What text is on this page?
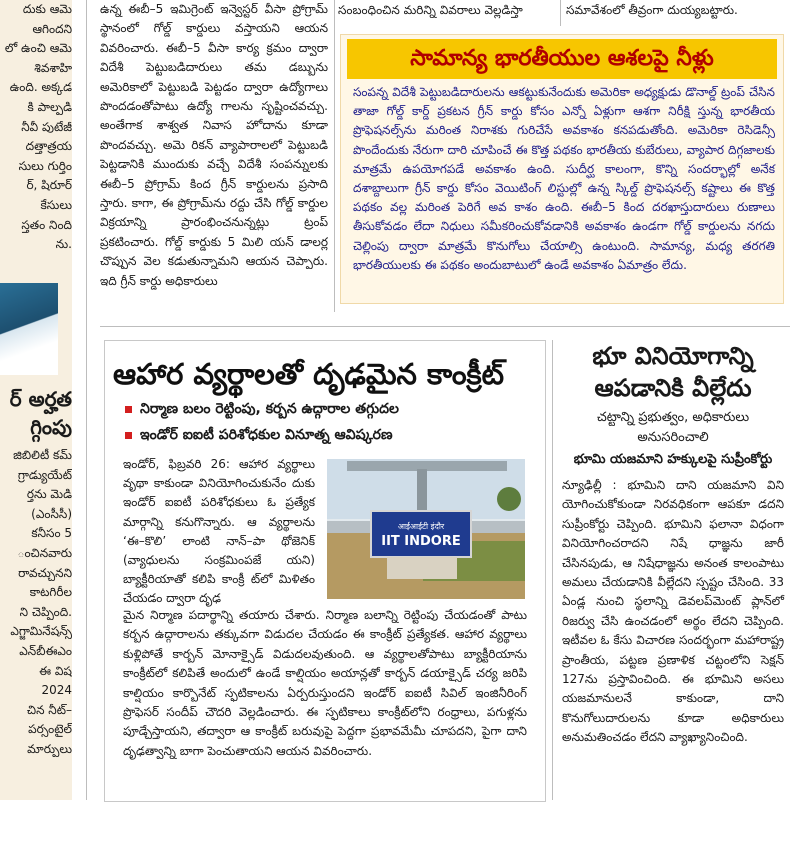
దుకు ఆమె
ఆగిందని
లో ఉంచి ఆమె
శివశాహి
ఉంది. అక్కడ
కి పాల్పడి
నీవీ పుటేజీ
దత్తాత్రయ
సులు గుర్తిం
ర్, షిరూర్
కేసులు
స్తతం నింది
ను.
ర్ అర్హత
గ్గింపు
జిబిలిటీ కమ్
గ్రాడ్యుయేట్
ర్తను మెడి
(ఎంసీసీ)
కనీసం 5
ంచినవారు
రావచ్చునని
కాటగిరీల
ని చెప్పింది.
ఎగ్జామినేషన్స్
ఎన్‌బీఈఎం
ఈ విష
2024
చిన నీట్–
పర్సంటైల్
మార్పులు

ఉన్న ఈబీ–5 ఇమిగ్రెంట్ ఇన్వెస్టర్ వీసా ప్రోగ్రామ్ స్థానంలో గోల్డ్ కార్డులు వస్తాయని ఆయన వివరించారు. ఈబీ–5 వీసా కార్య క్రమం ద్వారా విదేశీ పెట్టుబడిదారులు తమ డబ్బును అమెరికాలో పెట్టుబడి పెట్టడం ద్వారా ఉద్యోగాలు పొందడంతోపాటు ఉద్యో గాలను సృష్టించవచ్చు. అంతేగాక శాశ్వత నివాస హోదాను కూడా పొందవచ్చు. అమె రికన్ వ్యాపారాలలో పెట్టుబడి పెట్టడానికి ముందుకు వచ్చే విదేశీ సంపన్నులకు ఈబీ–5 ప్రోగ్రామ్ కింద గ్రీన్ కార్డులను ప్రసాది స్తారు. కాగా, ఈ ప్రోగ్రామ్‌ను రద్దు చేసి గోల్డ్ కార్డుల విక్రయాన్ని ప్రారంభించనున్నట్లు ట్రంప్ ప్రకటించారు. గోల్డ్ కార్డుకు 5 మిలి యన్ డాలర్ల చొప్పున వెల కడుతున్నామని ఆయన చెప్పారు. ఇది గ్రీన్ కార్డు అధికారులు

సంబంధించిన మరిన్ని వివరాలు వెల్లడిస్తా	సమావేశంలో తీవ్రంగా దుయ్యబట్టారు.

సామాన్య భారతీయుల ఆశలపై నీళ్లు
సంపన్న విదేశీ పెట్టుబడిదారులను ఆకట్టుకునేందుకు అమెరికా అధ్యక్షుడు డొనాల్డ్ ట్రంప్ చేసిన తాజా గోల్డ్ కార్డ్ ప్రకటన గ్రీన్ కార్డు కోసం ఎన్నో ఏళ్లుగా ఆశగా నిరీక్షి స్తున్న భారతీయ ప్రొఫెషనల్స్‌ను మరింత నిరాశకు గురిచేసే అవకాశం కనపడుతోంది. అమెరికా రెసిడెన్సీ పొందేందుకు నేరుగా దారి చూపించే ఈ కొత్త పథకం భారతీయ కుబేరులు, వ్యాపార దిగ్గజాలకు మాత్రమే ఉపయోగపడే అవకాశం ఉంది. సుదీర్ఘ కాలంగా, కొన్ని సందర్భాల్లో అనేక దశాబ్దాలుగా గ్రీన్ కార్డు కోసం వెయిటింగ్ లిస్టుల్లో ఉన్న స్కిల్డ్ ప్రొఫెషనల్స్ కష్టాలు ఈ కొత్త పథకం వల్ల మరింత పెరిగే అవ కాశం ఉంది. ఈబీ–5 కింద దరఖాస్తుదారులు రుణాలు తీసుకోవడం లేదా నిధులు సమీకరించుకోవడానికి అవకాశం ఉండగా గోల్డ్ కార్డులను నగదు చెల్లింపు ద్వారా మాత్రమే కొనుగోలు చేయాల్సి ఉంటుంది. సామాన్య, మధ్య తరగతి భారతీయులకు ఈ పథకం అందుబాటులో ఉండే అవకాశం ఏమాత్రం లేదు.
ఆహార వ్యర్థాలతో దృఢమైన కాంక్రీట్
నిర్మాణ బలం రెట్టింపు, కర్బన ఉద్గారాల తగ్గుదల
ఇండోర్ ఐఐటీ పరిశోధకుల వినూత్న ఆవిష్కరణ
ఇండోర్, ఫిబ్రవరి 26: ఆహార వ్యర్థాలు వృథా కాకుండా వినియోగించుకునేం దుకు ఇండోర్ ఐఐటీ పరిశోధకులు ఓ ప్రత్యేక మార్గాన్ని కనుగొన్నారు. ఆ వ్యర్థాలను ‘ఈ–కొలి’ లాంటి నాన్–పా థోజెనిక్ (వ్యాధులను సంక్రమింపజే యని) బ్యాక్టీరియాతో కలిపి కాంక్రీ ట్‌లో మిళితం చేయడం ద్వారా దృఢ
आईआईटी इंदौर
IIT INDORE
మైన నిర్మాణ పదార్థాన్ని తయారు చేశారు. నిర్మాణ బలాన్ని రెట్టింపు చేయడంతో పాటు కర్బన ఉద్గారాలను తక్కువగా విడుదల చేయడం ఈ కాంక్రీట్ ప్రత్యేకత. ఆహార వ్యర్థాలు కుళ్లిపోతే కార్బన్ మోనాక్సైడ్ విడుదలవుతుంది. ఆ వ్యర్థాలతోపాటు బ్యాక్టీరియాను కాంక్రీట్‌లో కలిపితే అందులో ఉండే కాల్షియం అయాన్లతో కార్బన్ డయాక్సైడ్ చర్య జరిపి కాల్షియం కార్బొనేట్ స్ఫటికాలను ఏర్పరుస్తుందని ఇండోర్ ఐఐటీ సివిల్ ఇంజినీరింగ్ ప్రొఫెసర్ సందీప్ చౌదరి వెల్లడించారు. ఈ స్ఫటికాలు కాంక్రీట్‌లోని రంధ్రాలు, పగుళ్లను పూడ్చేస్తాయని, తద్వారా ఆ కాంక్రీట్ బరువుపై పెద్దగా ప్రభావమేమీ చూపదని, పైగా దాని దృఢత్వాన్ని బాగా పెంచుతాయని ఆయన వివరించారు.
భూ వినియోగాన్ని ఆపడానికి వీల్లేదు
చట్టాన్ని ప్రభుత్వం, అధికారులు అనుసరించాలి
భూమి యజమాని హక్కులపై సుప్రీంకోర్టు
న్యూఢిల్లీ : భూమిని దాని యజమాని విని యోగించుకోకుండా నిరవధికంగా ఆపకూ డదని సుప్రీంకోర్టు చెప్పింది. భూమిని ఫలానా విధంగా వినియోగించరాదని నిషే ధాజ్ఞను జారీ చేసినపుడు, ఆ నిషేధాజ్ఞను అనంత కాలంపాటు అమలు చేయడానికి వీల్లేదని స్పష్టం చేసింది. 33 ఏండ్ల నుంచి స్థలాన్ని డెవలప్‌మెంట్ ప్లాన్‌లో రిజర్వు చేసి ఉంచడంలో అర్థం లేదని చెప్పింది. ఇటీవల ఓ కేసు విచారణ సందర్భంగా మహారాష్ట్ర ప్రాంతీయ, పట్టణ ప్రణాళిక చట్టంలోని సెక్షన్ 127ను ప్రస్తావించింది. ఈ భూమిని అసలు యజమానులనే కాకుండా, దాని కొనుగోలుదారులను కూడా అధికారులు అనుమతించడం లేదని వ్యాఖ్యానించింది.
